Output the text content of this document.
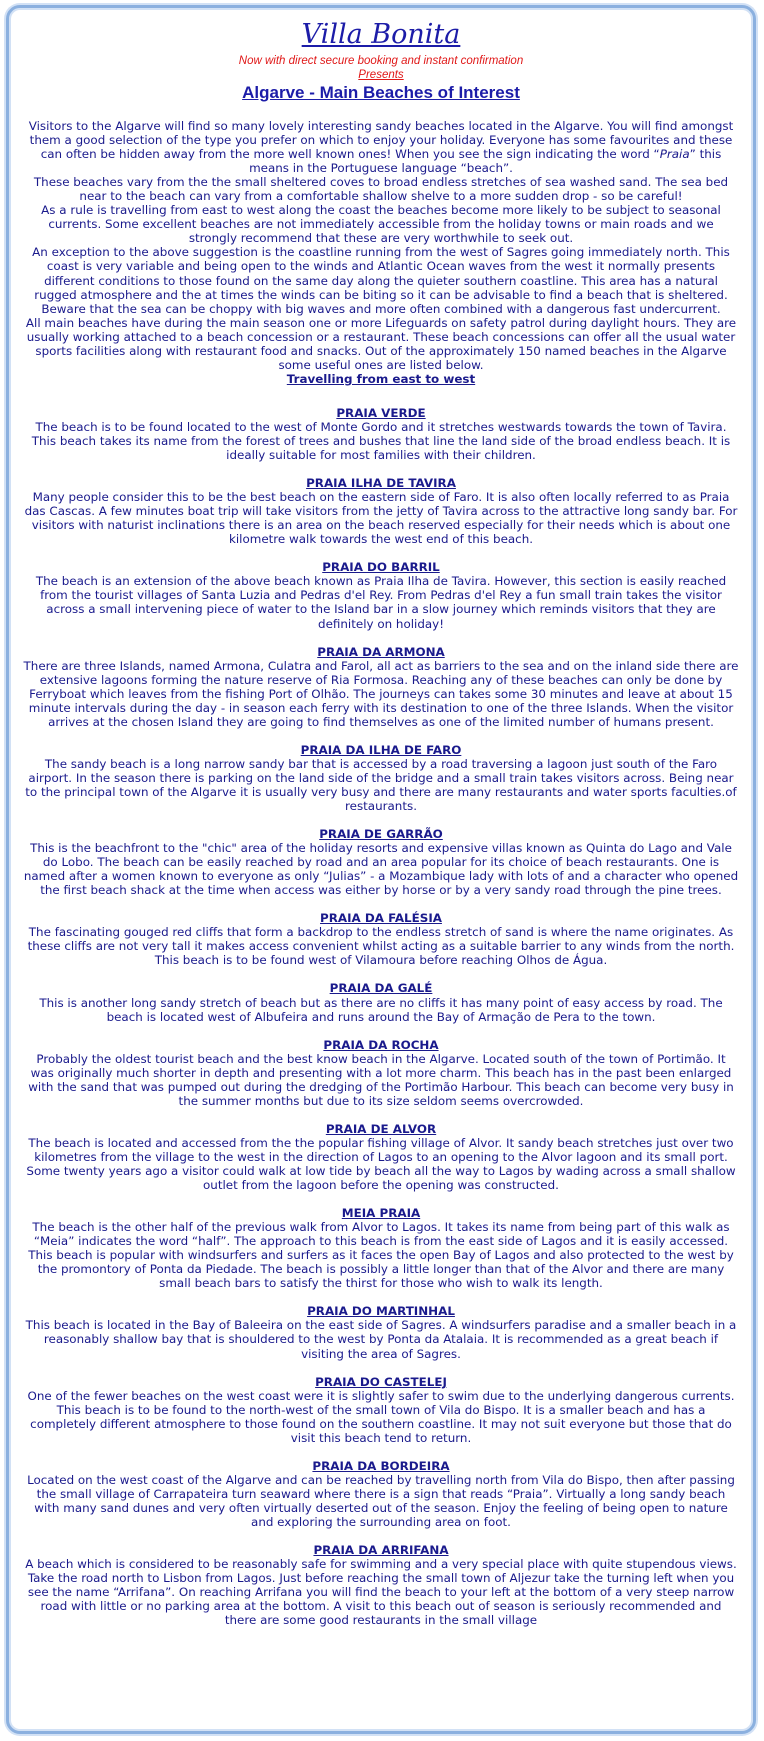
Villa Bonita
Now with direct secure booking and instant confirmation
Presents
Algarve - Main Beaches of Interest

Visitors to the Algarve will find so many lovely interesting sandy beaches located in the Algarve. You will find amongst them a good selection of the type you prefer on which to enjoy your holiday. Everyone has some favourites and these can often be hidden away from the more well known ones! When you see the sign indicating the word “Praia” this means in the Portuguese language “beach”.

These beaches vary from the the small sheltered coves to broad endless stretches of sea washed sand. The sea bed near to the beach can vary from a comfortable shallow shelve to a more sudden drop - so be careful!

As a rule is travelling from east to west along the coast the beaches become more likely to be subject to seasonal currents. Some excellent beaches are not immediately accessible from the holiday towns or main roads and we strongly recommend that these are very worthwhile to seek out.

An exception to the above suggestion is the coastline running from the west of Sagres going immediately north. This coast is very variable and being open to the winds and Atlantic Ocean waves from the west it normally presents different conditions to those found on the same day along the quieter southern coastline. This area has a natural rugged atmosphere and the at times the winds can be biting so it can be advisable to find a beach that is sheltered. Beware that the sea can be choppy with big waves and more often combined with a dangerous fast undercurrent.

All main beaches have during the main season one or more Lifeguards on safety patrol during daylight hours. They are usually working attached to a beach concession or a restaurant. These beach concessions can offer all the usual water sports facilities along with restaurant food and snacks. Out of the approximately 150 named beaches in the Algarve some useful ones are listed below.

Travelling from east to west
PRAIA VERDE

The beach is to be found located to the west of Monte Gordo and it stretches westwards towards the town of Tavira. This beach takes its name from the forest of trees and bushes that line the land side of the broad endless beach. It is ideally suitable for most families with their children.

PRAIA ILHA DE TAVIRA

Many people consider this to be the best beach on the eastern side of Faro. It is also often locally referred to as Praia das Cascas. A few minutes boat trip will take visitors from the jetty of Tavira across to the attractive long sandy bar. For visitors with naturist inclinations there is an area on the beach reserved especially for their needs which is about one kilometre walk towards the west end of this beach.

PRAIA DO BARRIL

The beach is an extension of the above beach known as Praia Ilha de Tavira. However, this section is easily reached from the tourist villages of Santa Luzia and Pedras d'el Rey. From Pedras d'el Rey a fun small train takes the visitor across a small intervening piece of water to the Island bar in a slow journey which reminds visitors that they are definitely on holiday!

PRAIA DA ARMONA

There are three Islands, named Armona, Culatra and Farol, all act as barriers to the sea and on the inland side there are extensive lagoons forming the nature reserve of Ria Formosa. Reaching any of these beaches can only be done by Ferryboat which leaves from the fishing Port of Olhão. The journeys can takes some 30 minutes and leave at about 15 minute intervals during the day - in season each ferry with its destination to one of the three Islands. When the visitor arrives at the chosen Island they are going to find themselves as one of the limited number of humans present.

PRAIA DA ILHA DE FARO

The sandy beach is a long narrow sandy bar that is accessed by a road traversing a lagoon just south of the Faro airport. In the season there is parking on the land side of the bridge and a small train takes visitors across. Being near to the principal town of the Algarve it is usually very busy and there are many restaurants and water sports faculties.of restaurants.

PRAIA DE GARRÃO

This is the beachfront to the "chic" area of the holiday resorts and expensive villas known as Quinta do Lago and Vale do Lobo. The beach can be easily reached by road and an area popular for its choice of beach restaurants. One is named after a women known to everyone as only “Julias” - a Mozambique lady with lots of and a character who opened the first beach shack at the time when access was either by horse or by a very sandy road through the pine trees.

PRAIA DA FALÉSIA

The fascinating gouged red cliffs that form a backdrop to the endless stretch of sand is where the name originates. As these cliffs are not very tall it makes access convenient whilst acting as a suitable barrier to any winds from the north. This beach is to be found west of Vilamoura before reaching Olhos de Água.

PRAIA DA GALÉ

This is another long sandy stretch of beach but as there are no cliffs it has many point of easy access by road. The beach is located west of Albufeira and runs around the Bay of Armação de Pera to the town.

PRAIA DA ROCHA

Probably the oldest tourist beach and the best know beach in the Algarve. Located south of the town of Portimão. It was originally much shorter in depth and presenting with a lot more charm. This beach has in the past been enlarged with the sand that was pumped out during the dredging of the Portimão Harbour. This beach can become very busy in the summer months but due to its size seldom seems overcrowded.

PRAIA DE ALVOR

The beach is located and accessed from the the popular fishing village of Alvor. It sandy beach stretches just over two kilometres from the village to the west in the direction of Lagos to an opening to the Alvor lagoon and its small port. Some twenty years ago a visitor could walk at low tide by beach all the way to Lagos by wading across a small shallow outlet from the lagoon before the opening was constructed.

MEIA PRAIA

The beach is the other half of the previous walk from Alvor to Lagos. It takes its name from being part of this walk as “Meia” indicates the word “half”. The approach to this beach is from the east side of Lagos and it is easily accessed. This beach is popular with windsurfers and surfers as it faces the open Bay of Lagos and also protected to the west by the promontory of Ponta da Piedade. The beach is possibly a little longer than that of the Alvor and there are many small beach bars to satisfy the thirst for those who wish to walk its length.

PRAIA DO MARTINHAL

This beach is located in the Bay of Baleeira on the east side of Sagres. A windsurfers paradise and a smaller beach in a reasonably shallow bay that is shouldered to the west by Ponta da Atalaia. It is recommended as a great beach if visiting the area of Sagres.

PRAIA DO CASTELEJ

One of the fewer beaches on the west coast were it is slightly safer to swim due to the underlying dangerous currents. This beach is to be found to the north-west of the small town of Vila do Bispo. It is a smaller beach and has a completely different atmosphere to those found on the southern coastline. It may not suit everyone but those that do visit this beach tend to return.

PRAIA DA BORDEIRA

Located on the west coast of the Algarve and can be reached by travelling north from Vila do Bispo, then after passing the small village of Carrapateira turn seaward where there is a sign that reads “Praia”. Virtually a long sandy beach with many sand dunes and very often virtually deserted out of the season. Enjoy the feeling of being open to nature and exploring the surrounding area on foot.

PRAIA DA ARRIFANA

A beach which is considered to be reasonably safe for swimming and a very special place with quite stupendous views. Take the road north to Lisbon from Lagos. Just before reaching the small town of Aljezur take the turning left when you see the name “Arrifana”. On reaching Arrifana you will find the beach to your left at the bottom of a very steep narrow road with little or no parking area at the bottom. A visit to this beach out of season is seriously recommended and there are some good restaurants in the small village
